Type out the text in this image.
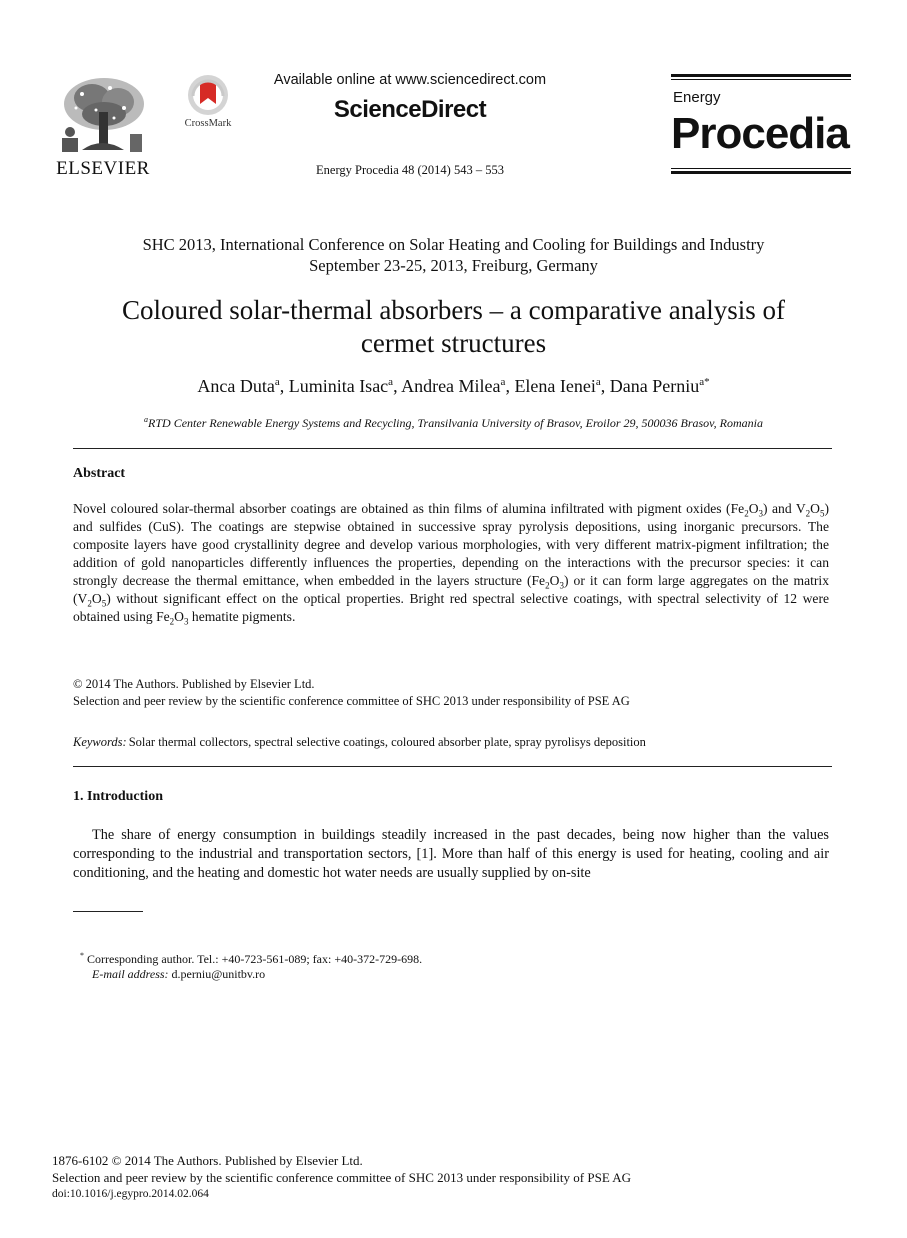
ELSEVIER
CrossMark
Available online at www.sciencedirect.com
ScienceDirect
Energy Procedia 48 (2014) 543 – 553
Energy
Procedia
SHC 2013, International Conference on Solar Heating and Cooling for Buildings and Industry
September 23-25, 2013, Freiburg, Germany
Coloured solar-thermal absorbers – a comparative analysis of
cermet structures
Anca Duta$^a$, Luminita Isac$^a$, Andrea Milea$^a$, Elena Ienei$^a$, Dana Perniu$^{a*}$
$^a$RTD Center Renewable Energy Systems and Recycling, Transilvania University of Brasov, Eroilor 29, 500036 Brasov, Romania
Abstract
Novel coloured solar-thermal absorber coatings are obtained as thin films of alumina infiltrated with pigment oxides $(Fe_2O_3)$ and $V_2O_5$) and sulfides (CuS). The coatings are stepwise obtained in successive spray pyrolysis depositions, using inorganic precursors. The composite layers have good crystallinity degree and develop various morphologies, with very different matrix-pigment infiltration; the addition of gold nanoparticles differently influences the properties, depending on the interactions with the precursor species: it can strongly decrease the thermal emittance, when embedded in the layers structure $(Fe_2O_3)$ or it can form large aggregates on the matrix $(V_2O_5)$ without significant effect on the optical properties. Bright red spectral selective coatings, with spectral selectivity of 12 were obtained using $Fe_2O_3$ hematite pigments.
© 2014 The Authors. Published by Elsevier Ltd.
Selection and peer review by the scientific conference committee of SHC 2013 under responsibility of PSE AG
Keywords: Solar thermal collectors, spectral selective coatings, coloured absorber plate, spray pyrolisys deposition
1. Introduction
The share of energy consumption in buildings steadily increased in the past decades, being now higher than the values corresponding to the industrial and transportation sectors, [1]. More than half of this energy is used for heating, cooling and air conditioning, and the heating and domestic hot water needs are usually supplied by on-site
* Corresponding author. Tel.: +40-723-561-089; fax: +40-372-729-698.
E-mail address: d.perniu@unitbv.ro
1876-6102 © 2014 The Authors. Published by Elsevier Ltd.
Selection and peer review by the scientific conference committee of SHC 2013 under responsibility of PSE AG
doi:10.1016/j.egypro.2014.02.064
